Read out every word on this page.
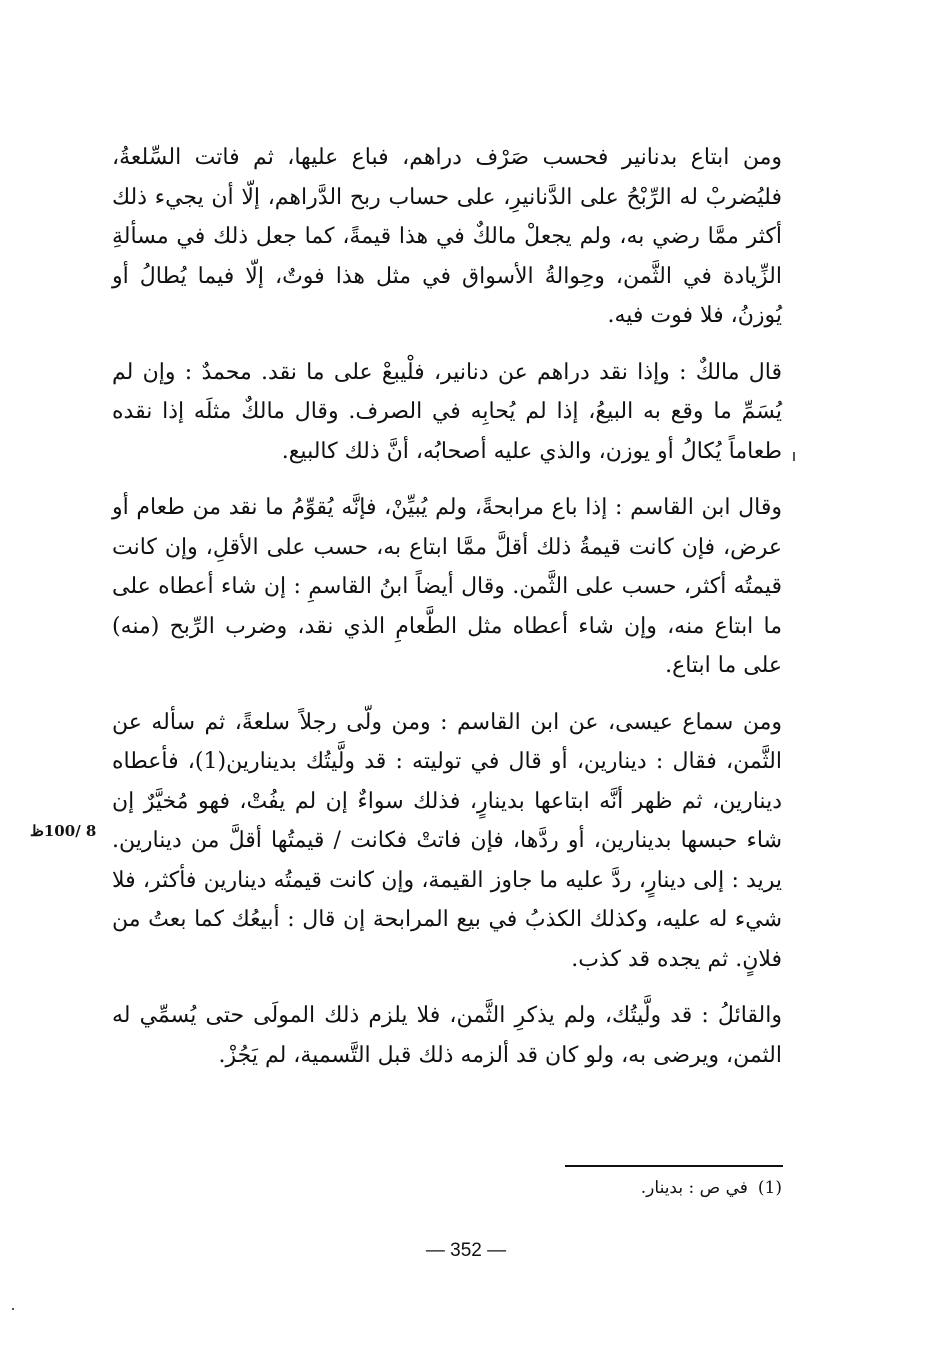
ومن ابتاع بدنانير فحسب صَرْف دراهم، فباع عليها، ثم فاتت السِّلعةُ، فليُضربْ له الرِّبْحُ على الدَّنانيرِ، على حساب ربح الدَّراهم، إلّا أن يجيء ذلك أكثر ممَّا رضي به، ولم يجعلْ مالكٌ في هذا قيمةً، كما جعل ذلك في مسألةِ الزِّيادة في الثَّمن، وحِوالةُ الأسواق في مثل هذا فوتٌ، إلّا فيما يُطالُ أو يُوزنُ، فلا فوت فيه.

قال مالكٌ : وإذا نقد دراهم عن دنانير، فلْيبعْ على ما نقد. محمدٌ : وإن لم يُسَمِّ ما وقع به البيعُ، إذا لم يُحابِه في الصرف. وقال مالكٌ مثلَه إذا نقده طعاماً يُكالُ أو يوزن، والذي عليه أصحابُه، أنَّ ذلك كالبيع.

وقال ابن القاسم : إذا باع مرابحةً، ولم يُبيِّنْ، فإنَّه يُقوِّمُ ما نقد من طعام أو عرض، فإن كانت قيمةُ ذلك أقلَّ ممَّا ابتاع به، حسب على الأقلِ، وإن كانت قيمتُه أكثر، حسب على الثَّمن. وقال أيضاً ابنُ القاسمِ : إن شاء أعطاه على ما ابتاع منه، وإن شاء أعطاه مثل الطَّعامِ الذي نقد، وضرب الرِّبح (منه) على ما ابتاع.

ومن سماع عيسى، عن ابن القاسم : ومن ولّى رجلاً سلعةً، ثم سأله عن الثَّمن، فقال : دينارين، أو قال في توليته : قد ولَّيتُك بدينارين(1)، فأعطاه دينارين، ثم ظهر أنَّه ابتاعها بدينارٍ، فذلك سواءٌ إن لم يفُتْ، فهو مُخيَّرٌ إن شاء حبسها بدينارين، أو ردَّها، فإن فاتتْ فكانت / قيمتُها أقلَّ من دينارين. يريد : إلى دينارٍ، ردَّ عليه ما جاوز القيمة، وإن كانت قيمتُه دينارين فأكثر، فلا شيء له عليه، وكذلك الكذبُ في بيع المرابحة إن قال : أبيعُك كما بعتُ من فلانٍ. ثم يجده قد كذب.

والقائلُ : قد ولَّيتُك، ولم يذكرِ الثَّمن، فلا يلزم ذلك المولَى حتى يُسمِّي له الثمن، ويرضى به، ولو كان قد ألزمه ذلك قبل التَّسمية، لم يَجُزْ.

8 /100ظ
(1)في ص : بدينار.
— 352 —
